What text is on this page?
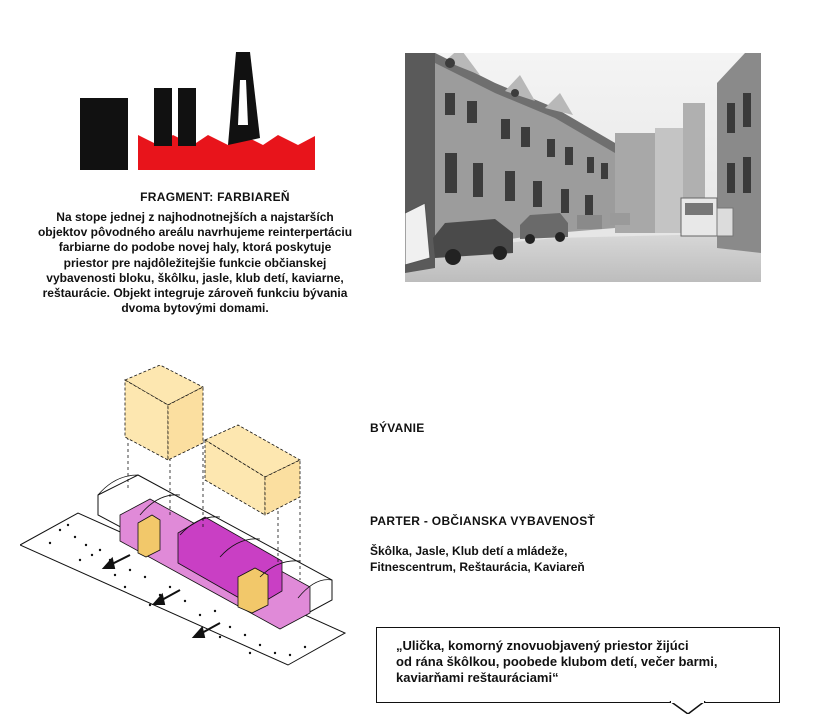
FRAGMENT: FARBIAREŇ
Na stope jednej z najhodnotnejších a najstarších
objektov pôvodného areálu navrhujeme reinterpertáciu
farbiarne do podobe novej haly, ktorá poskytuje
priestor pre najdôležitejšie funkcie občianskej
vybavenosti bloku, škôlku, jasle, klub detí, kaviarne,
reštaurácie. Objekt integruje zároveň funkciu bývania
dvoma bytovými domami.
BÝVANIE
PARTER - OBČIANSKA VYBAVENOSŤ
Škôlka, Jasle, Klub detí a mládeže,
Fitnescentrum, Reštaurácia, Kaviareň
„Ulička, komorný znovuobjavený priestor žijúci
od rána škôlkou, poobede klubom detí, večer barmi,
kaviarňami reštauráciami“
